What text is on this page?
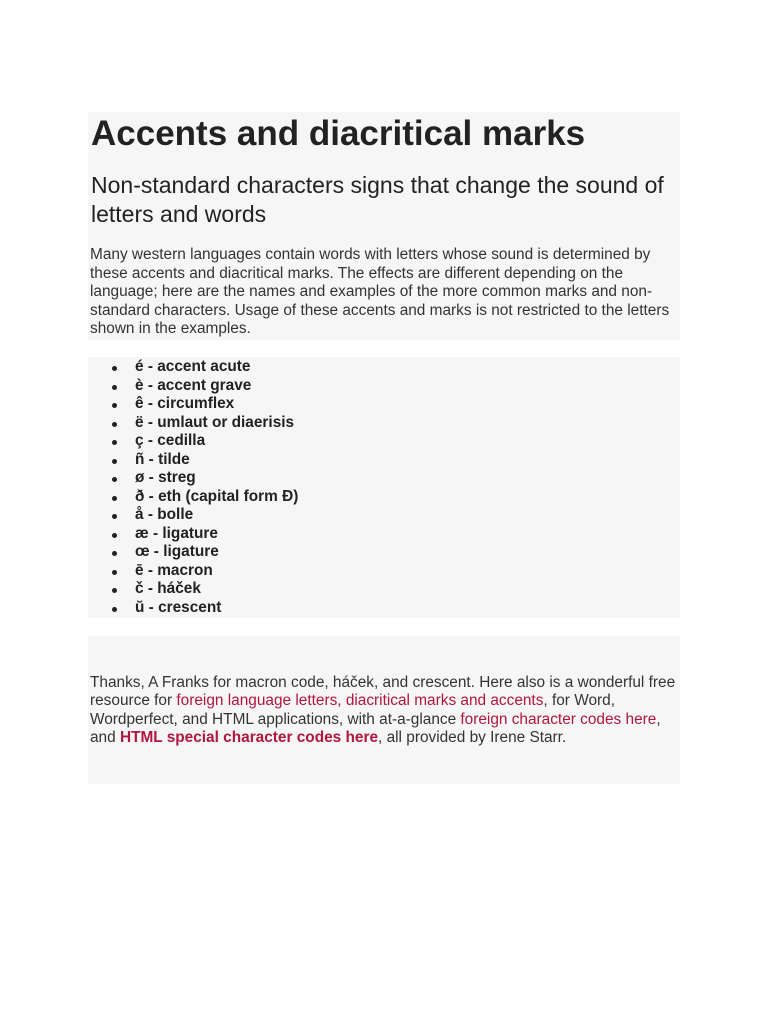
Accents and diacritical marks
Non-standard characters signs that change the sound of letters and words

Many western languages contain words with letters whose sound is determined by these accents and diacritical marks. The effects are different depending on the language; here are the names and examples of the more common marks and non-standard characters. Usage of these accents and marks is not restricted to the letters shown in the examples.

é - accent acute
è - accent grave
ê - circumflex
ë - umlaut or diaerisis
ç - cedilla
ñ - tilde
ø - streg
ð - eth (capital form Ð)
å - bolle
æ - ligature
œ - ligature
ē - macron
č - háček
ŭ - crescent

Thanks, A Franks for macron code, háček, and crescent. Here also is a wonderful free resource for foreign language letters, diacritical marks and accents, for Word, Wordperfect, and HTML applications, with at-a-glance foreign character codes here, and HTML special character codes here, all provided by Irene Starr.
